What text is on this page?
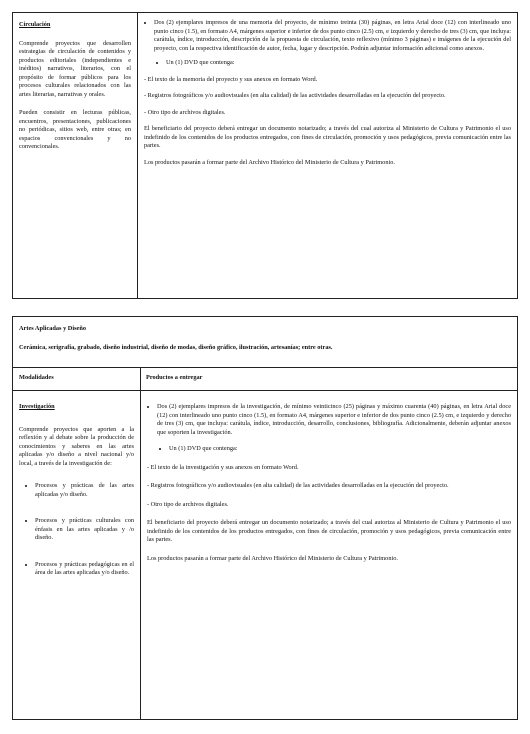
Circulación

Comprende proyectos que desarrollen estrategias de circulación de contenidos y productos editoriales (independientes e inéditos) narrativos, literarios, con el propósito de formar públicos para los procesos culturales relacionados con las artes literarias, narrativas y orales.

Pueden consistir en lecturas públicas, encuentros, presentaciones, publicaciones no periódicas, sitios web, entre otras; en espacios convencionales y no convencionales.

• Dos (2) ejemplares impresos de una memoria del proyecto, de mínimo treinta (30) páginas, en letra Arial doce (12) con interlineado uno punto cinco (1.5), en formato A4, márgenes superior e inferior de dos punto cinco (2.5) cm, e izquierdo y derecho de tres (3) cm, que incluya: carátula, índice, introducción, descripción de la propuesta de circulación, texto reflexivo (mínimo 3 páginas) e imágenes de la ejecución del proyecto, con la respectiva identificación de autor, fecha, lugar y descripción. Podrán adjuntar información adicional como anexos.
• Un (1) DVD que contenga:

- El texto de la memoria del proyecto y sus anexos en formato Word.

- Registros fotográficos y/o audiovisuales (en alta calidad) de las actividades desarrolladas en la ejecución del proyecto.

- Otro tipo de archivos digitales.

El beneficiario del proyecto deberá entregar un documento notarizado; a través del cual autoriza al Ministerio de Cultura y Patrimonio el uso indefinido de los contenidos de los productos entregados, con fines de circulación, promoción y usos pedagógicos, previa comunicación entre las partes.

Los productos pasarán a formar parte del Archivo Histórico del Ministerio de Cultura y Patrimonio.

Artes Aplicadas y Diseño

Cerámica, serigrafía, grabado, diseño industrial, diseño de modas, diseño gráfico, ilustración, artesanías; entre otras.

Modalidades	Productos a entregar

Investigación

Comprende proyectos que aporten a la reflexión y al debate sobre la producción de conocimientos y saberes en las artes aplicadas y/o diseño a nivel nacional y/o local, a través de la investigación de:

• Procesos y prácticas de las artes aplicadas y/o diseño.
• Procesos y prácticas culturales con énfasis en las artes aplicadas y /o diseño.
• Procesos y prácticas pedagógicas en el área de las artes aplicadas y/o diseño.
• Dos (2) ejemplares impresos de la investigación, de mínimo veinticinco (25) páginas y máximo cuarenta (40) páginas, en letra Arial doce (12) con interlineado uno punto cinco (1.5), en formato A4, márgenes superior e inferior de dos punto cinco (2.5) cm, e izquierdo y derecho de tres (3) cm, que incluya: carátula, índice, introducción, desarrollo, conclusiones, bibliografía. Adicionalmente, deberán adjuntar anexos que soporten la investigación.
• Un (1) DVD que contenga:

- El texto de la investigación y sus anexos en formato Word.

- Registros fotográficos y/o audiovisuales (en alta calidad) de las actividades desarrolladas en la ejecución del proyecto.

- Otro tipo de archivos digitales.

El beneficiario del proyecto deberá entregar un documento notarizado; a través del cual autoriza al Ministerio de Cultura y Patrimonio el uso indefinido de los contenidos de los productos entregados, con fines de circulación, promoción y usos pedagógicos, previa comunicación entre las partes.

Los productos pasarán a formar parte del Archivo Histórico del Ministerio de Cultura y Patrimonio.
